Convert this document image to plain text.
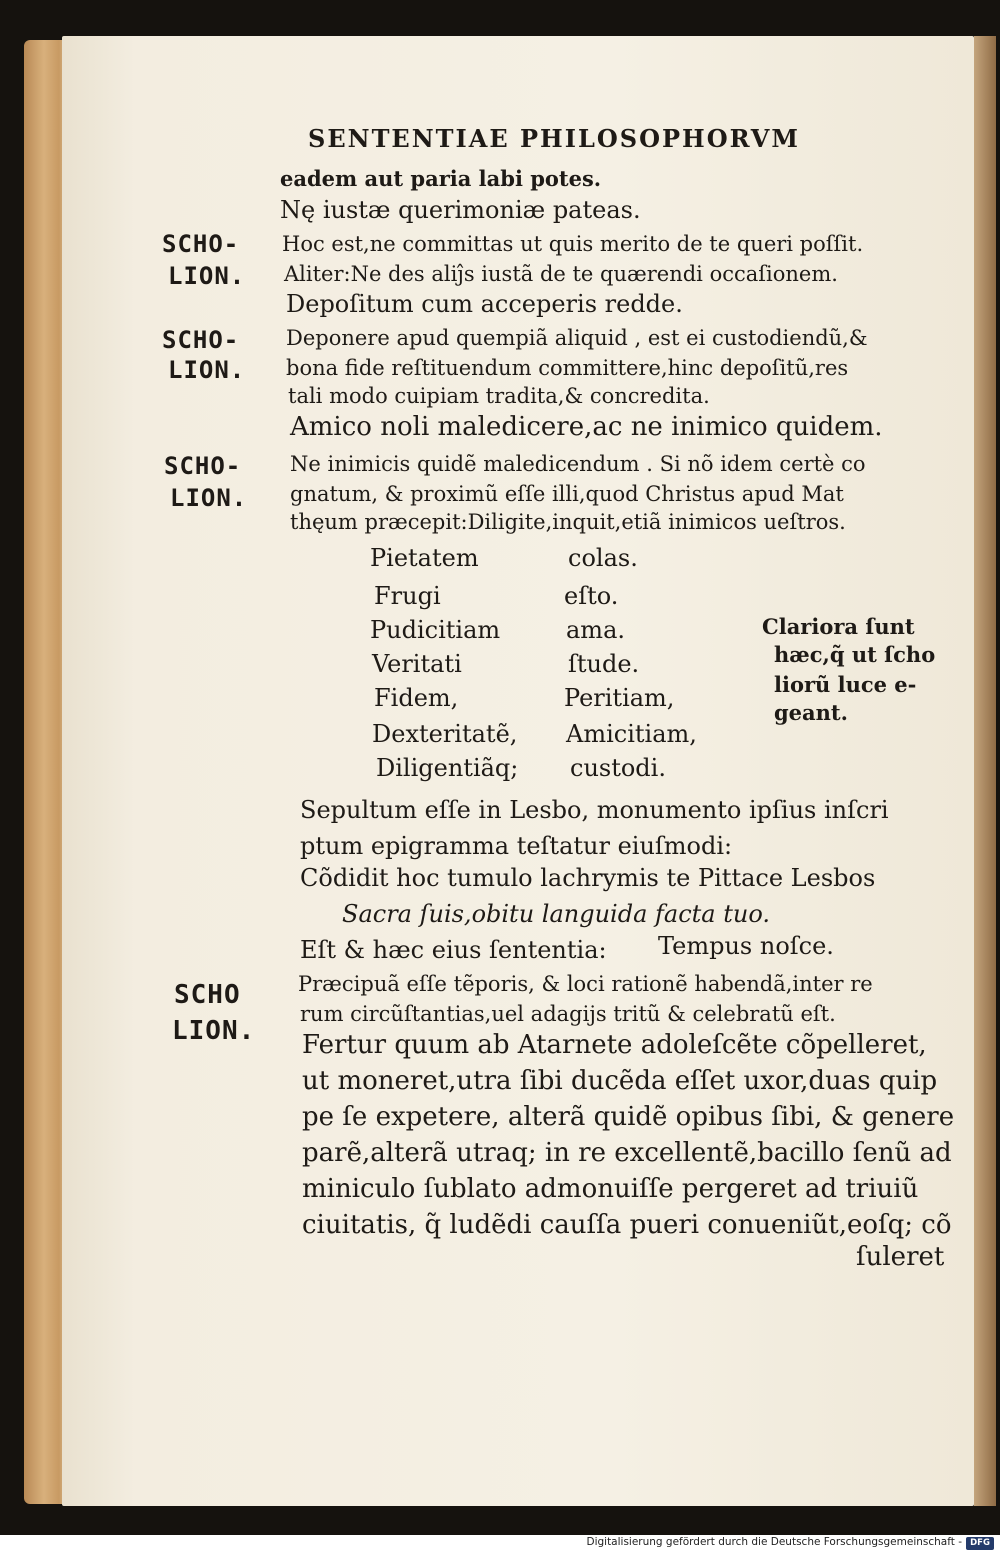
SENTENTIAE PHILOSOPHORVM
eadem aut paria labi potes.
Nę iustæ querimoniæ pateas.
SCHO-
LION.
Hoc est,ne committas ut quis merito de te queri poſſit.
Aliter:Ne des aliĵs iustã de te quærendi occaſionem.
Depoſitum cum acceperis redde.
SCHO-
LION.
Deponere apud quempiã aliquid , est ei custodiendũ,&
bona fide reſtituendum committere,hinc depoſitũ,res
tali modo cuipiam tradita,& concredita.
Amico noli maledicere,ac ne inimico quidem.
SCHO-
LION.
Ne inimicis quidẽ maledicendum . Si nõ idem certè co
gnatum, & proximũ eſſe illi,quod Christus apud Mat
thęum præcepit:Diligite,inquit,etiã inimicos ueſtros.
Pietatem	colas.
Frugi	eſto.
Pudicitiam	ama.
Veritati	ſtude.
Fidem,	Peritiam,
Dexteritatẽ, Amicitiam,
Diligentiãq; custodi.
Clariora ſunt
hæc,q̃ ut ſcho
liorũ luce e-
geant.
Sepultum eſſe in Lesbo, monumento ipſius inſcri
ptum epigramma teſtatur eiuſmodi:
Cõdidit hoc tumulo lachrymis te Pittace Lesbos
Sacra ſuis,obitu languida facta tuo.
Eſt & hæc eius ſententia: Tempus noſce.
SCHO
LION.
Præcipuã eſſe tẽporis, & loci rationẽ habendã,inter re
rum circũſtantias,uel adagijs tritũ & celebratũ eſt.
Fertur quum ab Atarnete adoleſcẽte cõpelleret,
ut moneret,utra ſibi ducẽda eſſet uxor,duas quip
pe ſe expetere, alterã quidẽ opibus ſibi, & genere
parẽ,alterã utraq; in re excellentẽ,bacillo ſenũ ad
miniculo ſublato admonuiſſe pergeret ad triuiũ
ciuitatis, q̃ ludẽdi cauſſa pueri conueniũt,eoſq; cõ
ſuleret
Digitalisierung gefördert durch die Deutsche Forschungsgemeinschaft - DFG
